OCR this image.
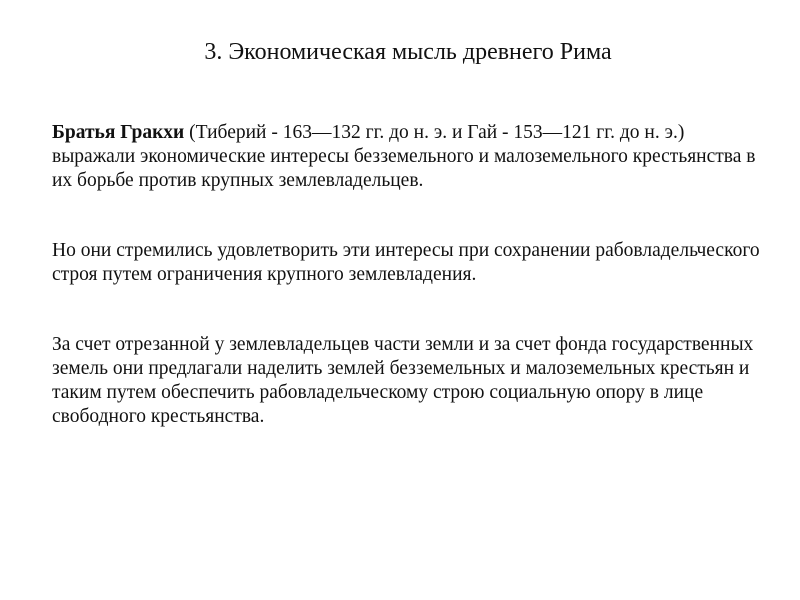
3. Экономическая мысль древнего Рима

Братья Гракхи (Тиберий - 163—132 гг. до н. э. и Гай - 153—121 гг. до н. э.) выражали экономические интересы безземельного и малоземельного крестьянства в их борьбе против крупных землевладельцев.

Но они стремились удовлетворить эти интересы при сохранении рабовладельческого строя путем ограничения крупного землевладения.

За счет отрезанной у землевладельцев части земли и за счет фонда государственных земель они предлагали наделить землей безземельных и малоземельных крестьян и таким путем обеспечить рабовладельческому строю социальную опору в лице свободного крестьянства.
